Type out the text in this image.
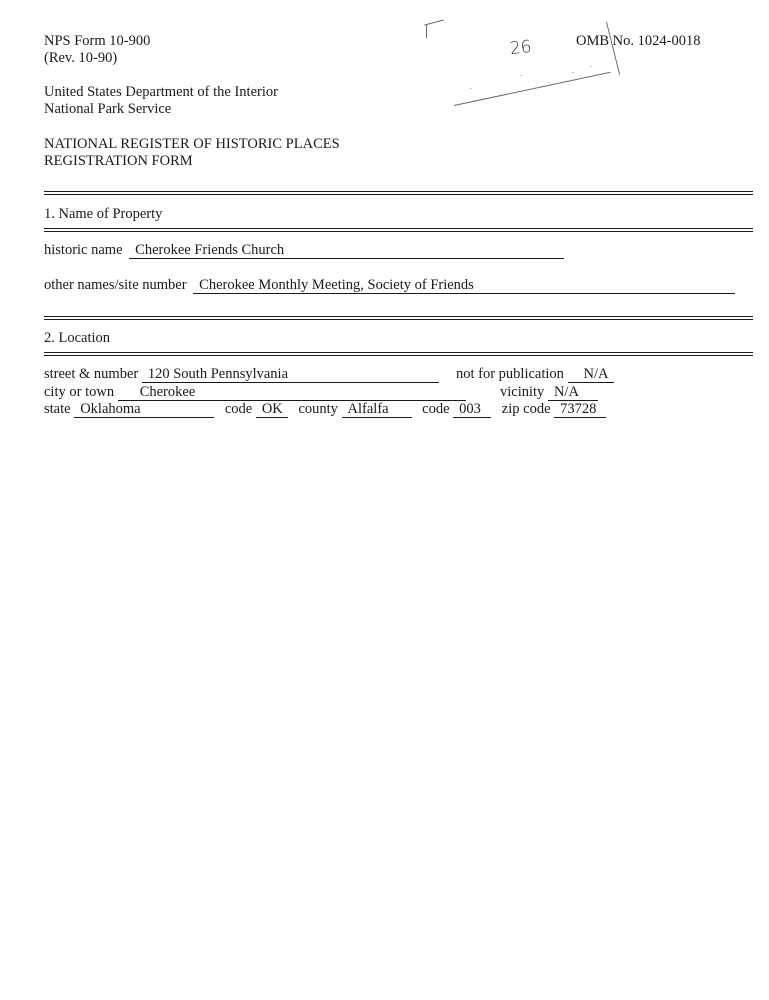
NPS Form 10-900
(Rev. 10-90)
OMB No. 1024-0018
26
United States Department of the Interior
National Park Service
NATIONAL REGISTER OF HISTORIC PLACES
REGISTRATION FORM
1. Name of Property
historic name Cherokee Friends Church
other names/site number Cherokee Monthly Meeting, Society of Friends
2. Location
street & number 120 South Pennsylvania	not for publication N/A
city or town Cherokee	vicinity N/A
state Oklahoma	code OK county Alfalfa code 003 zip code 73728
